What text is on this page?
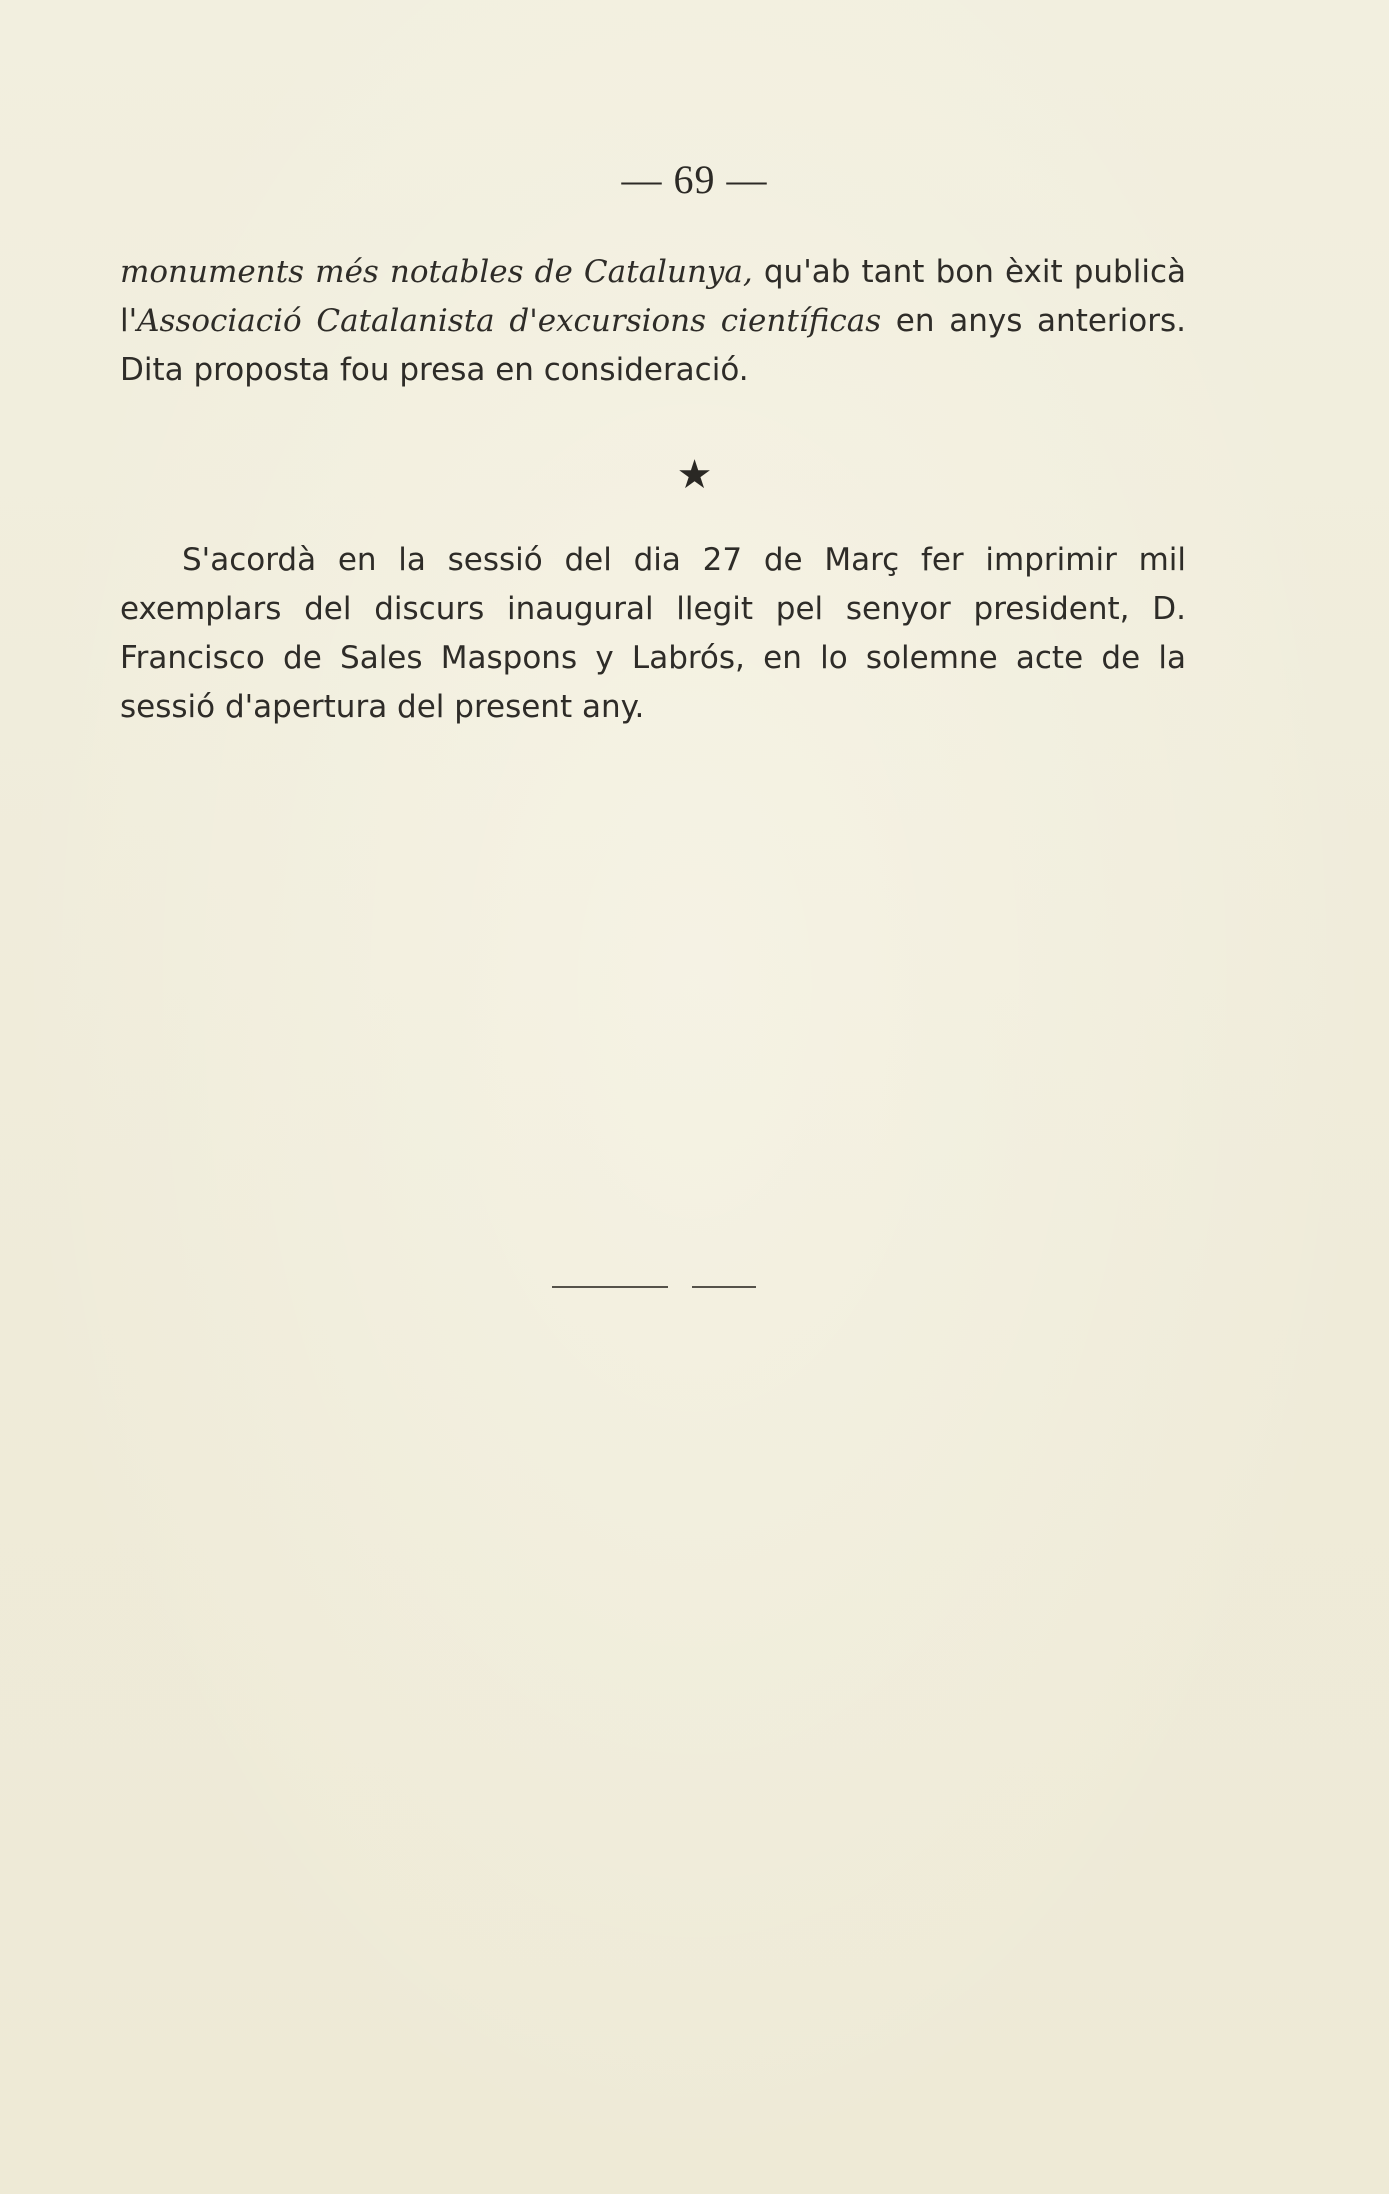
— 69 —

monuments més notables de Catalunya, qu'ab tant bon èxit publicà l'Associació Catalanista d'excursions científicas en anys anteriors. Dita proposta fou presa en consideració.

★

S'acordà en la sessió del dia 27 de Març fer imprimir mil exemplars del discurs inaugural llegit pel senyor president, D. Francisco de Sales Maspons y Labrós, en lo solemne acte de la sessió d'apertura del present any.
